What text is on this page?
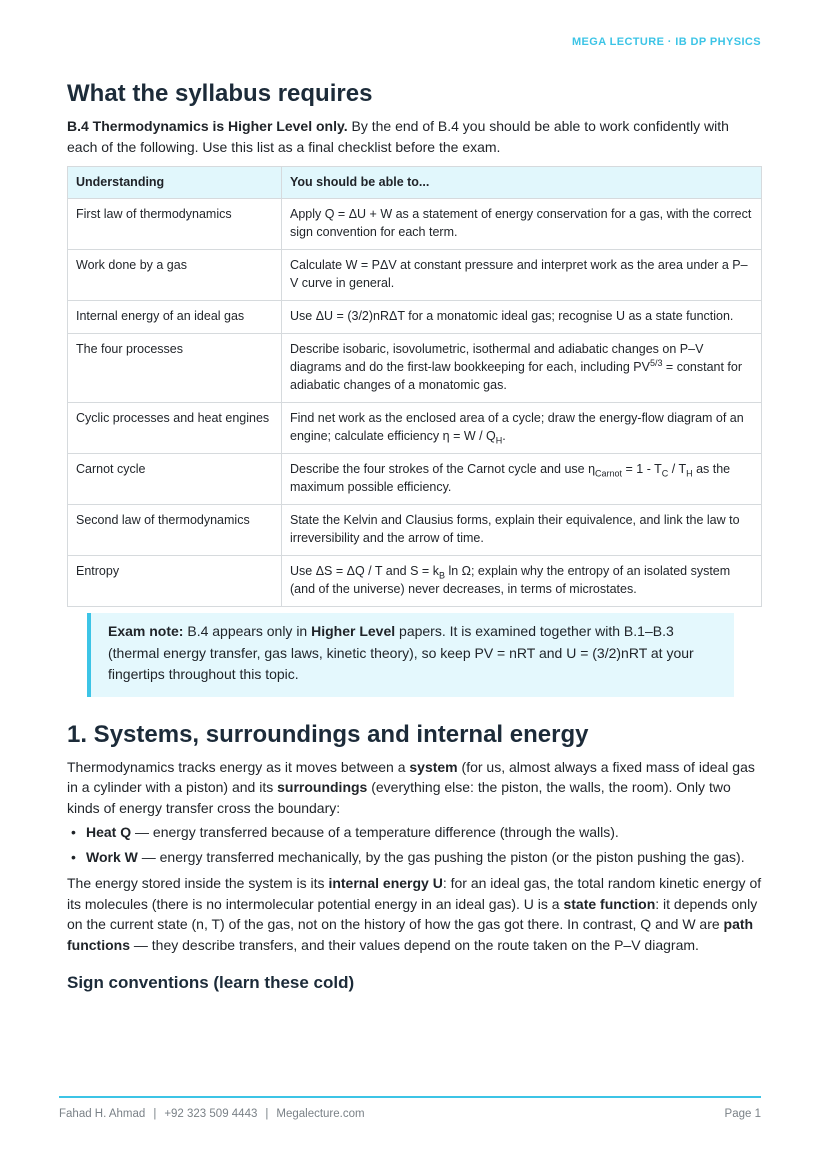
MEGA LECTURE · IB DP PHYSICS
What the syllabus requires

B.4 Thermodynamics is Higher Level only. By the end of B.4 you should be able to work confidently with each of the following. Use this list as a final checklist before the exam.

Understanding	You should be able to...
First law of thermodynamics	Apply Q = ΔU + W as a statement of energy conservation for a gas, with the correct sign convention for each term.
Work done by a gas	Calculate W = PΔV at constant pressure and interpret work as the area under a P–V curve in general.
Internal energy of an ideal gas	Use ΔU = (3/2)nRΔT for a monatomic ideal gas; recognise U as a state function.
The four processes	Describe isobaric, isovolumetric, isothermal and adiabatic changes on P–V diagrams and do the first-law bookkeeping for each, including $PV^{5/3}$ = constant for adiabatic changes of a monatomic gas.
Cyclic processes and heat engines	Find net work as the enclosed area of a cycle; draw the energy-flow diagram of an engine; calculate efficiency $\eta = W / Q_H$.
Carnot cycle	Describe the four strokes of the Carnot cycle and use $\eta_{Carnot} = 1 - T_C / T_H$ as the maximum possible efficiency.
Second law of thermodynamics	State the Kelvin and Clausius forms, explain their equivalence, and link the law to irreversibility and the arrow of time.
Entropy	Use ΔS = ΔQ / T and $S = k_B$ ln Ω; explain why the entropy of an isolated system (and of the universe) never decreases, in terms of microstates.
Exam note: B.4 appears only in Higher Level papers. It is examined together with B.1–B.3 (thermal energy transfer, gas laws, kinetic theory), so keep PV = nRT and U = (3/2)nRT at your fingertips throughout this topic.
1. Systems, surroundings and internal energy

Thermodynamics tracks energy as it moves between a system (for us, almost always a fixed mass of ideal gas in a cylinder with a piston) and its surroundings (everything else: the piston, the walls, the room). Only two kinds of energy transfer cross the boundary:

• Heat Q — energy transferred because of a temperature difference (through the walls).
• Work W — energy transferred mechanically, by the gas pushing the piston (or the piston pushing the gas).

The energy stored inside the system is its internal energy U: for an ideal gas, the total random kinetic energy of its molecules (there is no intermolecular potential energy in an ideal gas). U is a state function: it depends only on the current state (n, T) of the gas, not on the history of how the gas got there. In contrast, Q and W are path functions — they describe transfers, and their values depend on the route taken on the P–V diagram.

Sign conventions (learn these cold)
Fahad H. Ahmad | +92 323 509 4443 | Megalecture.com	Page 1
